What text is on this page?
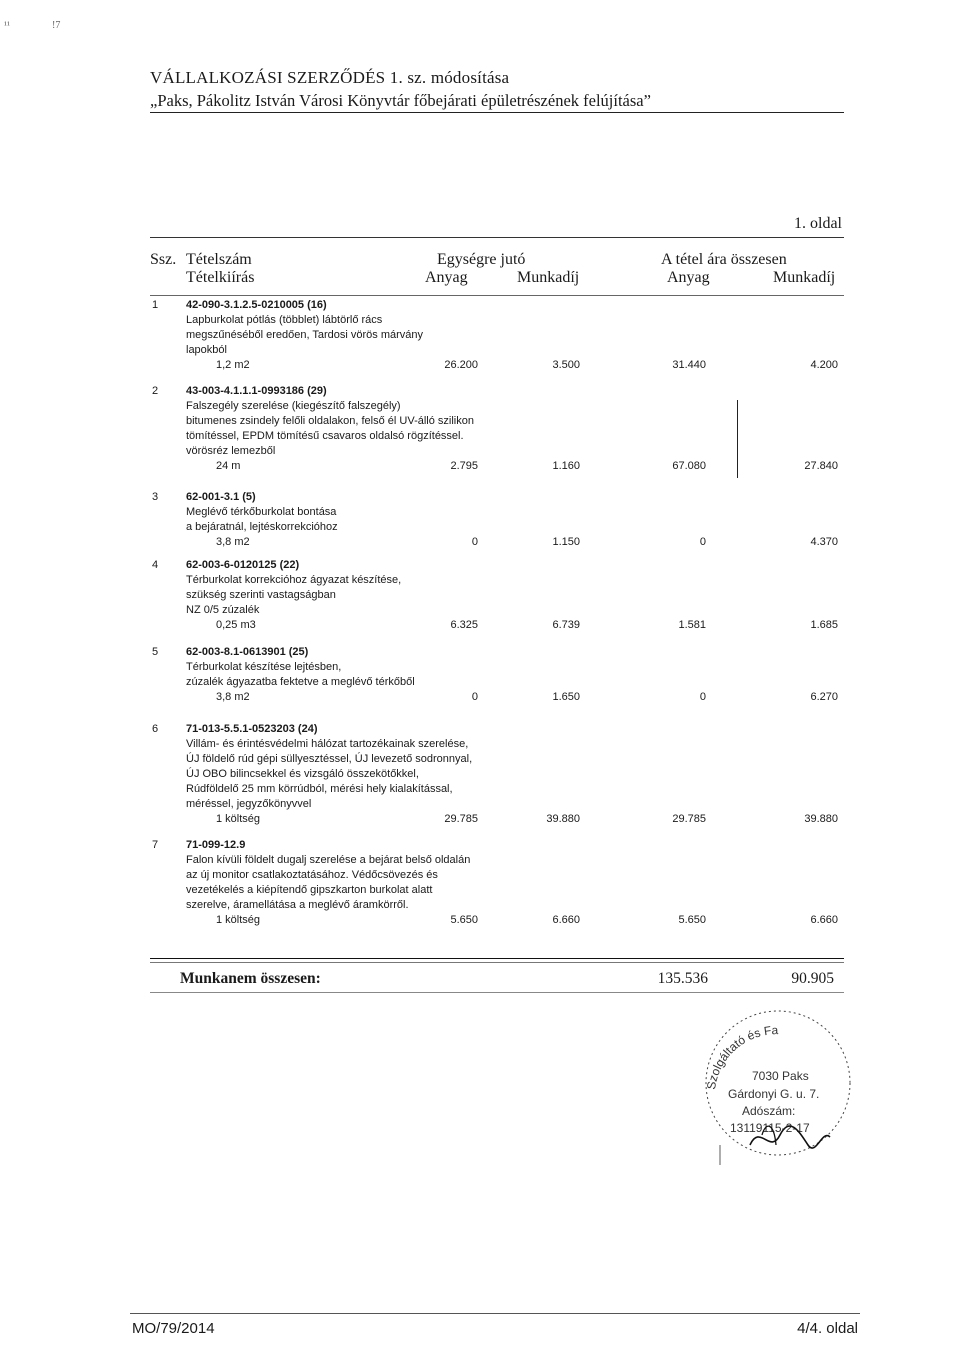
¹¹	!7
VÁLLALKOZÁSI SZERZŐDÉS 1. sz. módosítása
„Paks, Pákolitz István Városi Könyvtár főbejárati épületrészének felújítása”
1. oldal
Ssz. Tételszám
Tételkiírás
Egységre jutó
Anyag	Munkadíj
A tétel ára összesen
Anyag	Munkadíj
1	42-090-3.1.2.5-0210005 (16)
Lapburkolat pótlás (többlet) lábtörlő rács
megszűnéséből eredően, Tardosi vörös márvány
lapokból
1,2 m2	26.200	3.500	31.440	4.200
2	43-003-4.1.1.1-0993186 (29)
Falszegély szerelése (kiegészítő falszegély)
bitumenes zsindely felőli oldalakon, felső él UV-álló szilikon
tömítéssel, EPDM tömítésű csavaros oldalsó rögzítéssel.
vörösréz lemezből
24 m	2.795	1.160	67.080	27.840
3	62-001-3.1 (5)
Meglévő térkőburkolat bontása
a bejáratnál, lejtéskorrekcióhoz
3,8 m2	0	1.150	0	4.370
4	62-003-6-0120125 (22)
Térburkolat korrekcióhoz ágyazat készítése,
szükség szerinti vastagságban
NZ 0/5 zúzalék
0,25 m3	6.325	6.739	1.581	1.685
5	62-003-8.1-0613901 (25)
Térburkolat készítése lejtésben,
zúzalék ágyazatba fektetve a meglévő térkőből
3,8 m2	0	1.650	0	6.270
6	71-013-5.5.1-0523203 (24)
Villám- és érintésvédelmi hálózat tartozékainak szerelése,
ÚJ földelő rúd gépi süllyesztéssel, ÚJ levezető sodronnyal,
ÚJ OBO bilincsekkel és vizsgáló összekötőkkel,
Rúdföldelő 25 mm körrúdból, mérési hely kialakítással,
méréssel, jegyzőkönyvvel
1 költség	29.785	39.880	29.785	39.880
7	71-099-12.9
Falon kívüli földelt dugalj szerelése a bejárat belső oldalán
az új monitor csatlakoztatásához. Védőcsövezés és
vezetékelés a kiépítendő gipszkarton burkolat alatt
szerelve, áramellátása a meglévő áramkörről.
1 költség	5.650	6.660	5.650	6.660
Munkanem összesen:	135.536	90.905
Szolgáltató és Fa
7030 Paks
Gárdonyi G. u. 7.
Adószám:
13119115-2-17
MO/79/2014	4/4. oldal
